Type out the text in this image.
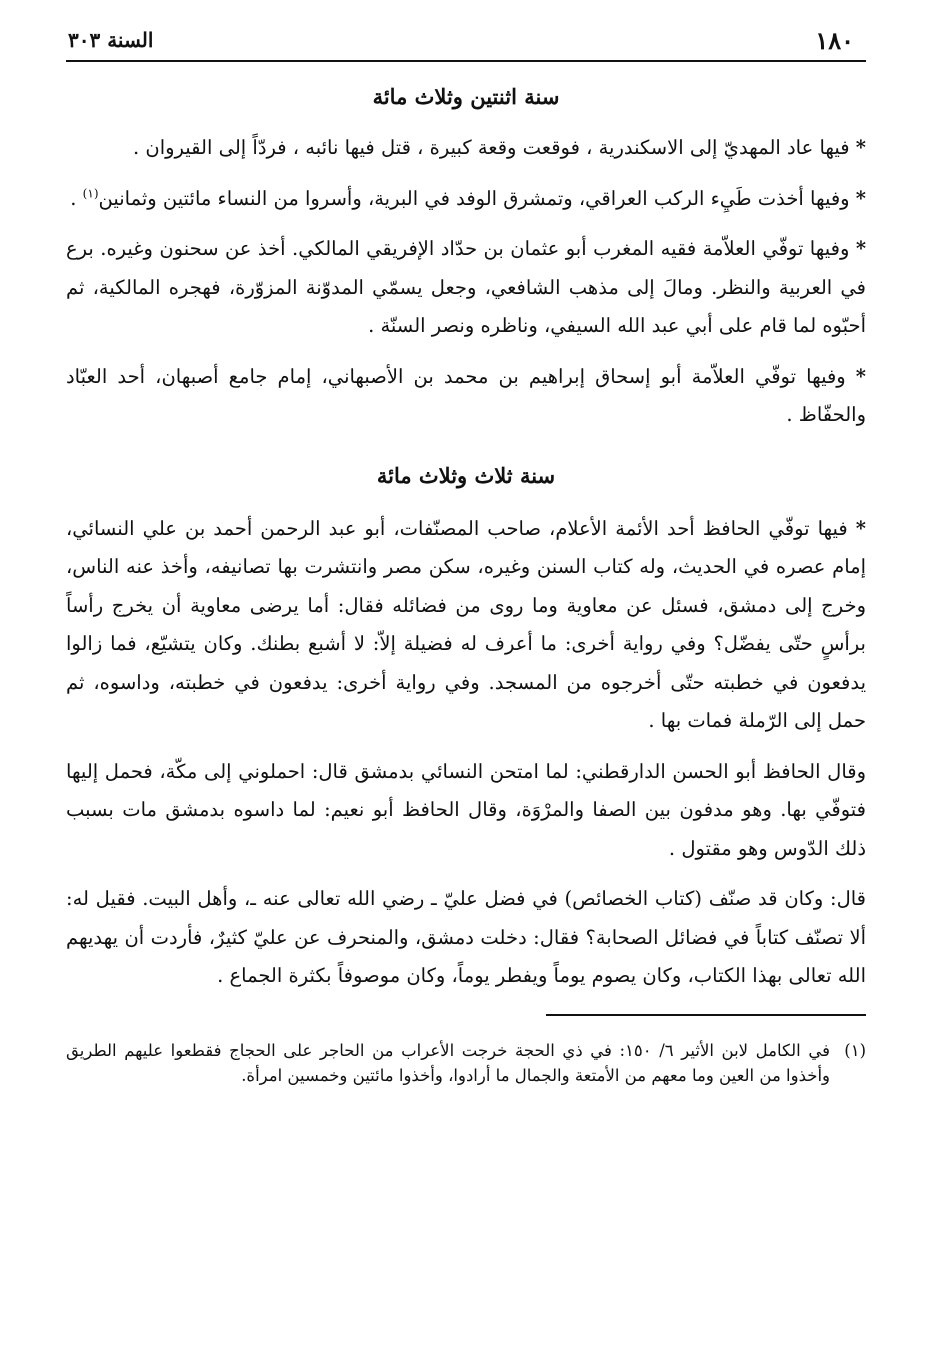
١٨٠
السنة ٣٠٣
سنة اثنتين وثلاث مائة

* فيها عاد المهديّ إلى الاسكندرية ، فوقعت وقعة كبيرة ، قتل فيها نائبه ، فردّاً إلى القيروان .

* وفيها أخذت طَيِء الركب العراقي، وتمشرق الوفد في البرية، وأسروا من النساء مائتين وثمانين$^{(١)}$ .

* وفيها توفّي العلاّمة فقيه المغرب أبو عثمان بن حدّاد الإفريقي المالكي. أخذ عن سحنون وغيره. برع في العربية والنظر. ومالَ إلى مذهب الشافعي، وجعل يسمّي المدوّنة المزوّرة، فهجره المالكية، ثم أحبّوه لما قام على أبي عبد الله السيفي، وناظره ونصر السنّة .

* وفيها توفّي العلاّمة أبو إسحاق إبراهيم بن محمد بن الأصبهاني، إمام جامع أصبهان، أحد العبّاد والحفّاظ .

سنة ثلاث وثلاث مائة

* فيها توفّي الحافظ أحد الأئمة الأعلام، صاحب المصنّفات، أبو عبد الرحمن أحمد بن علي النسائي، إمام عصره في الحديث، وله كتاب السنن وغيره، سكن مصر وانتشرت بها تصانيفه، وأخذ عنه الناس، وخرج إلى دمشق، فسئل عن معاوية وما روى من فضائله فقال: أما يرضى معاوية أن يخرج رأساً برأسٍ حتّى يفضّل؟ وفي رواية أخرى: ما أعرف له فضيلة إلاّ: لا أشبع بطنك. وكان يتشيّع، فما زالوا يدفعون في خطبته حتّى أخرجوه من المسجد. وفي رواية أخرى: يدفعون في خطبته، وداسوه، ثم حمل إلى الرّملة فمات بها .

وقال الحافظ أبو الحسن الدارقطني: لما امتحن النسائي بدمشق قال: احملوني إلى مكّة، فحمل إليها فتوفّي بها. وهو مدفون بين الصفا والمرْوَة، وقال الحافظ أبو نعيم: لما داسوه بدمشق مات بسبب ذلك الدّوس وهو مقتول .

قال: وكان قد صنّف (كتاب الخصائص) في فضل عليّ ـ رضي الله تعالى عنه ـ، وأهل البيت. فقيل له: ألا تصنّف كتاباً في فضائل الصحابة؟ فقال: دخلت دمشق، والمنحرف عن عليّ كثيرٌ، فأردت أن يهديهم الله تعالى بهذا الكتاب، وكان يصوم يوماً ويفطر يوماً، وكان موصوفاً بكثرة الجماع .

(١)
في الكامل لابن الأثير ٦/ ١٥٠: في ذي الحجة خرجت الأعراب من الحاجر على الحجاج فقطعوا عليهم الطريق وأخذوا من العين وما معهم من الأمتعة والجمال ما أرادوا، وأخذوا مائتين وخمسين امرأة.
